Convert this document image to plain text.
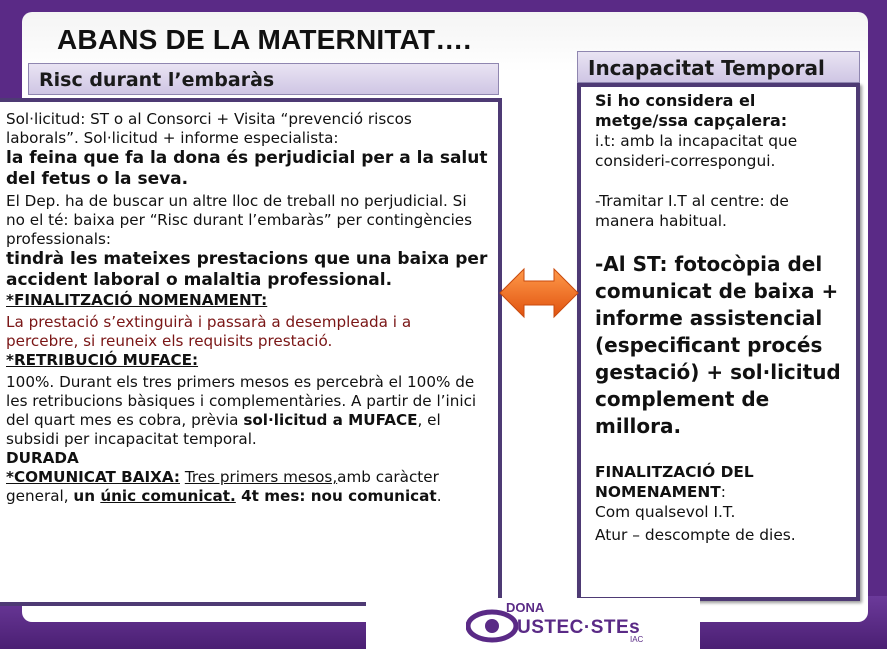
ABANS DE LA MATERNITAT….
Risc durant l’embaràs

Sol·licitud: ST o al Consorci + Visita “prevenció riscos laborals”. Sol·licitud + informe especialista:

la feina que fa la dona és perjudicial per a la salut del fetus o la seva.

El Dep. ha de buscar un altre lloc de treball no perjudicial. Si no el té: baixa per “Risc durant l’embaràs” per contingències professionals:

tindrà les mateixes prestacions que una baixa per accident laboral o malaltia professional.

*FINALITZACIÓ NOMENAMENT:

La prestació s’extinguirà i passarà a desempleada i a percebre, si reuneix els requisits prestació.

*RETRIBUCIÓ MUFACE:

100%. Durant els tres primers mesos es percebrà el 100% de les retribucions bàsiques i complementàries. A partir de l’inici del quart mes es cobra, prèvia sol·licitud a MUFACE, el subsidi per incapacitat temporal.

DURADA

*COMUNICAT BAIXA: Tres primers mesos,amb caràcter general, un únic comunicat. 4t mes: nou comunicat.

Si ho considera el metge/ssa capçalera:

i.t: amb la incapacitat que consideri-correspongui.

-Tramitar I.T al centre: de manera habitual.

-Al ST: fotocòpia del comunicat de baixa + informe assistencial (especificant procés gestació) + sol·licitud complement de millora.

FINALITZACIÓ DEL NOMENAMENT:

Com qualsevol I.T.

Atur – descompte de dies.

Incapacitat Temporal
DONA
USTEC·STEs
IAC
